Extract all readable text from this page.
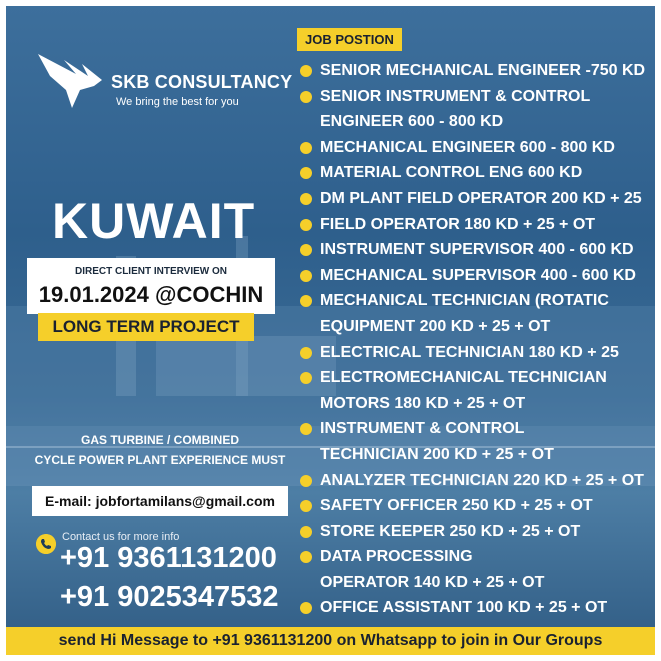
SKB CONSULTANCY
We bring the best for you
KUWAIT
DIRECT CLIENT INTERVIEW ON
19.01.2024 @COCHIN
LONG TERM PROJECT
GAS TURBINE / COMBINED
CYCLE POWER PLANT EXPERIENCE MUST
E-mail: jobfortamilans@gmail.com
Contact us for more info
+91 9361131200
+91 9025347532
JOB POSTION
SENIOR MECHANICAL ENGINEER -750 KD
SENIOR INSTRUMENT & CONTROL
ENGINEER 600 - 800 KD
MECHANICAL ENGINEER 600 - 800 KD
MATERIAL CONTROL ENG 600 KD
DM PLANT FIELD OPERATOR 200 KD + 25
FIELD OPERATOR 180 KD + 25 + OT
INSTRUMENT SUPERVISOR 400 - 600 KD
MECHANICAL SUPERVISOR 400 - 600 KD
MECHANICAL TECHNICIAN (ROTATIC
EQUIPMENT 200 KD + 25 + OT
ELECTRICAL TECHNICIAN 180 KD + 25
ELECTROMECHANICAL TECHNICIAN
MOTORS 180 KD + 25 + OT
INSTRUMENT & CONTROL
TECHNICIAN 200 KD + 25 + OT
ANALYZER TECHNICIAN 220 KD + 25 + OT
SAFETY OFFICER 250 KD + 25 + OT
STORE KEEPER 250 KD + 25 + OT
DATA PROCESSING
OPERATOR 140 KD + 25 + OT
OFFICE ASSISTANT 100 KD + 25 + OT
send Hi Message to +91 9361131200 on Whatsapp to join in Our Groups
